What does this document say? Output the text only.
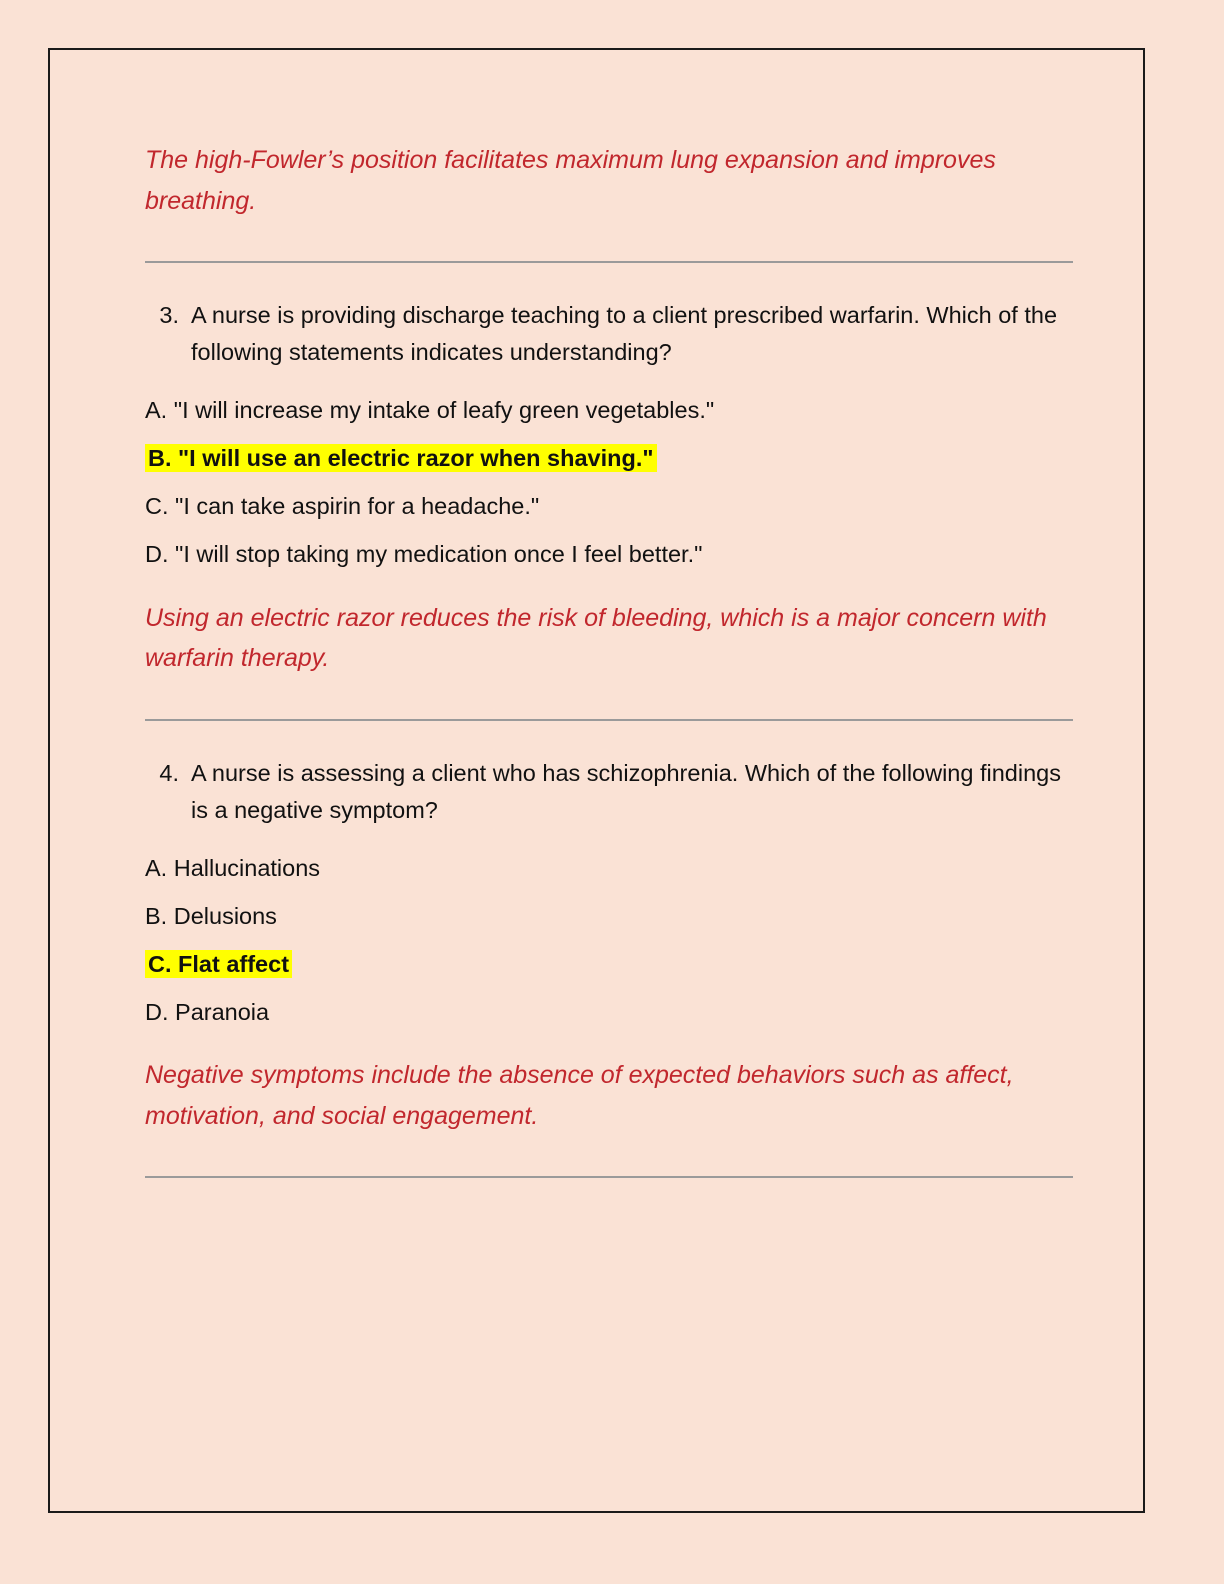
The high-Fowler’s position facilitates maximum lung expansion and improves breathing.

3. A nurse is providing discharge teaching to a client prescribed warfarin. Which of the following statements indicates understanding?
A. "I will increase my intake of leafy green vegetables."
B. "I will use an electric razor when shaving."
C. "I can take aspirin for a headache."
D. "I will stop taking my medication once I feel better."

Using an electric razor reduces the risk of bleeding, which is a major concern with warfarin therapy.

4. A nurse is assessing a client who has schizophrenia. Which of the following findings is a negative symptom?
A. Hallucinations
B. Delusions
C. Flat affect
D. Paranoia

Negative symptoms include the absence of expected behaviors such as affect, motivation, and social engagement.
